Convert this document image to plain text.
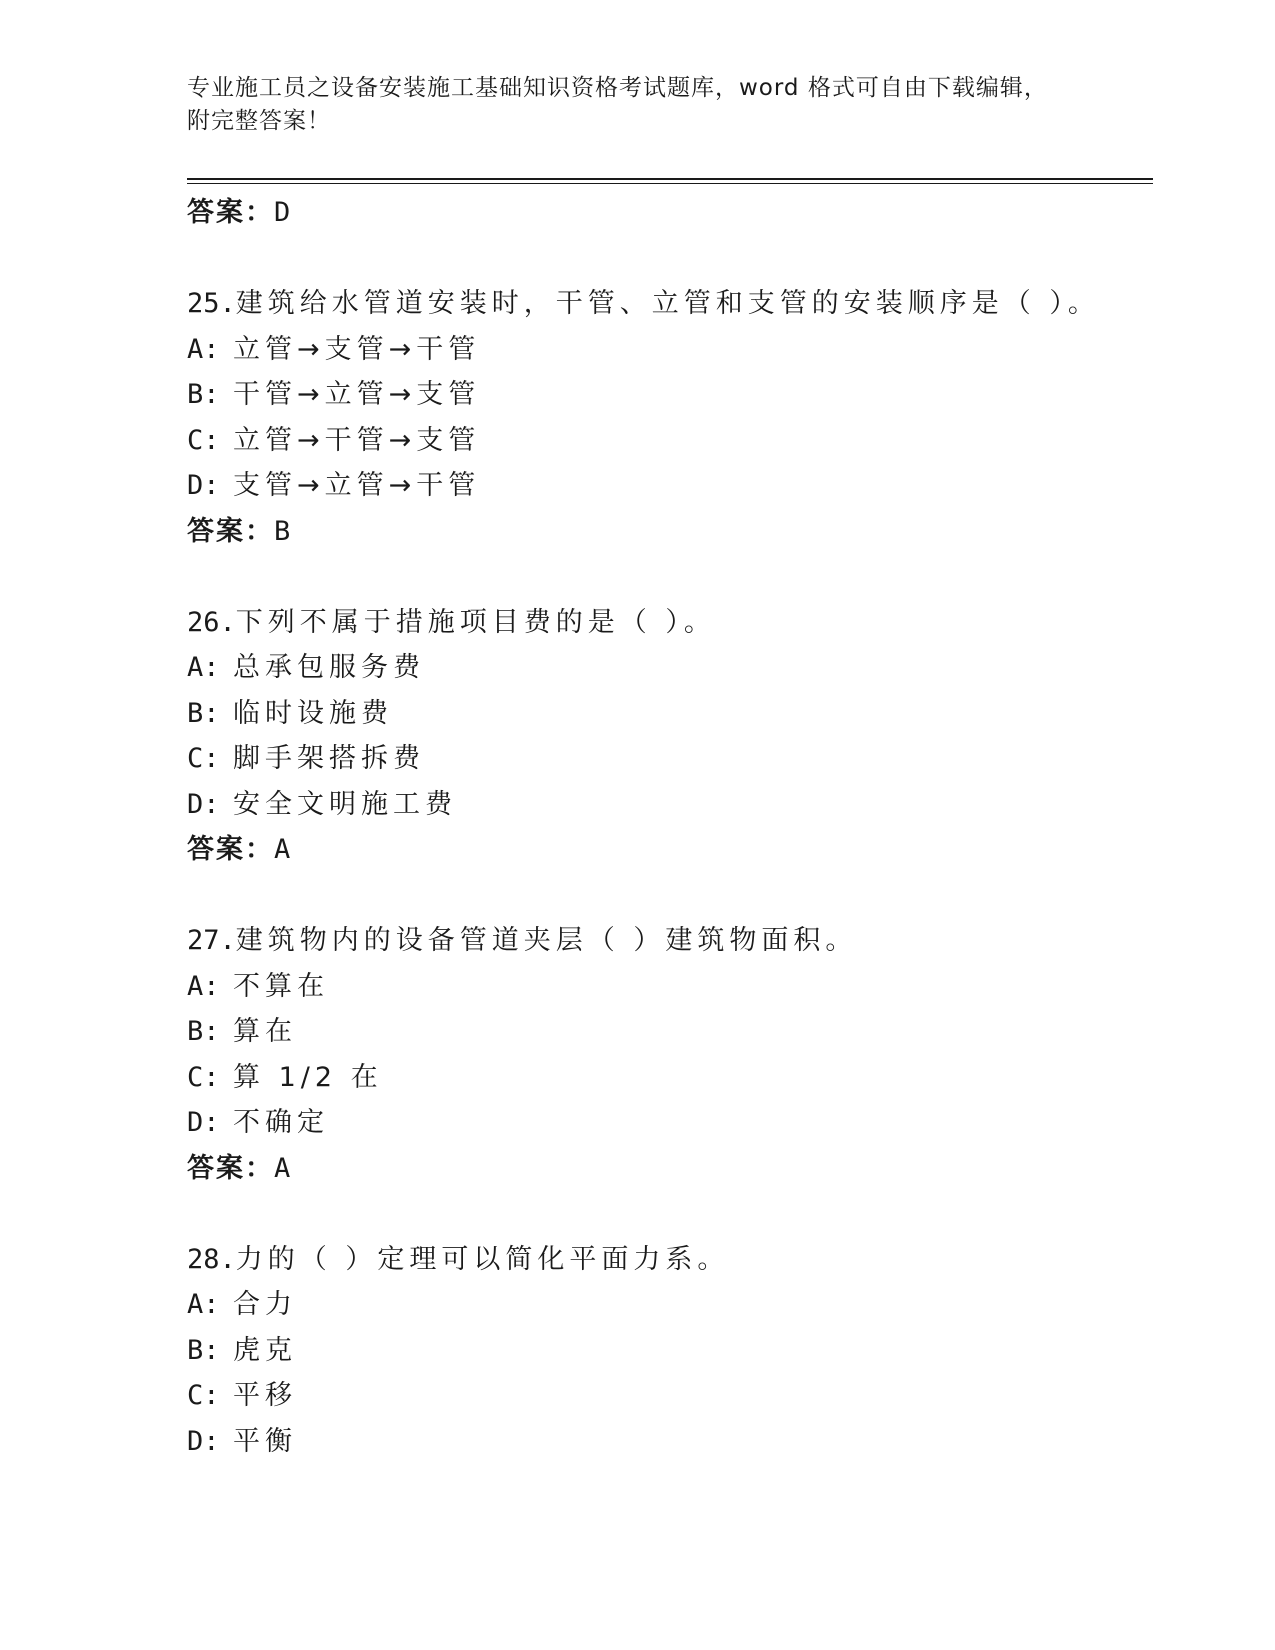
专业施工员之设备安装施工基础知识资格考试题库，word 格式可自由下载编辑，
附完整答案！
答案：D
25.建筑给水管道安装时，干管、立管和支管的安装顺序是（ ）。
A: 立管→支管→干管
B: 干管→立管→支管
C: 立管→干管→支管
D: 支管→立管→干管
答案：B
26.下列不属于措施项目费的是（ ）。
A: 总承包服务费
B: 临时设施费
C: 脚手架搭拆费
D: 安全文明施工费
答案：A
27.建筑物内的设备管道夹层（ ）建筑物面积。
A: 不算在
B: 算在
C: 算 1/2 在
D: 不确定
答案：A
28.力的（ ）定理可以简化平面力系。
A: 合力
B: 虎克
C: 平移
D: 平衡
